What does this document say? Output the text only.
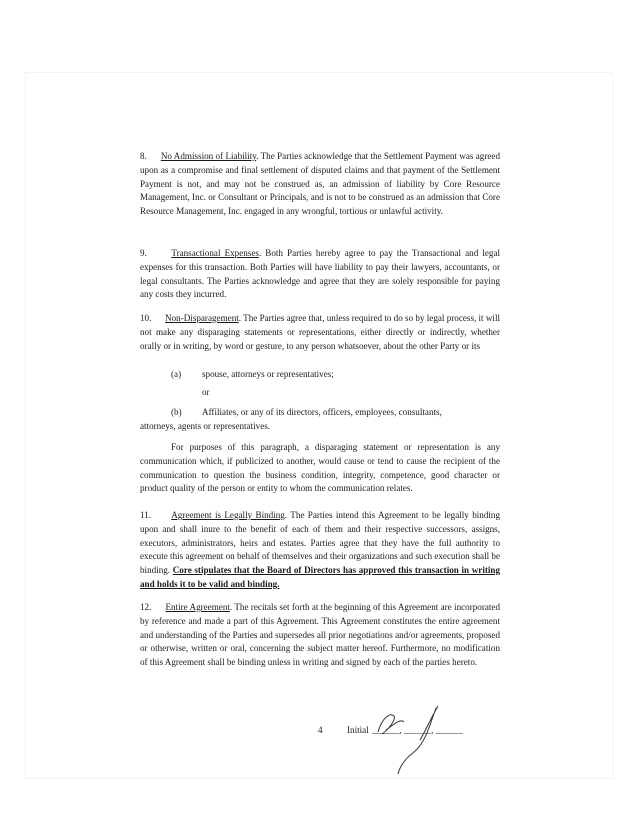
8. No Admission of Liability. The Parties acknowledge that the Settlement Payment was agreed upon as a compromise and final settlement of disputed claims and that payment of the Settlement Payment is not, and may not be construed as, an admission of liability by Core Resource Management, Inc. or Consultant or Principals, and is not to be construed as an admission that Core Resource Management, Inc. engaged in any wrongful, tortious or unlawful activity.
9.	Transactional Expenses. Both Parties hereby agree to pay the Transactional and legal expenses for this transaction. Both Parties will have liability to pay their lawyers, accountants, or legal consultants. The Parties acknowledge and agree that they are solely responsible for paying any costs they incurred.
10. Non-Disparagement. The Parties agree that, unless required to do so by legal process, it will not make any disparaging statements or representations, either directly or indirectly, whether orally or in writing, by word or gesture, to any person whatsoever, about the other Party or its
(a) spouse, attorneys or representatives;
or
(b) Affiliates, or any of its directors, officers, employees, consultants,
attorneys, agents or representatives.
For purposes of this paragraph, a disparaging statement or representation is any communication which, if publicized to another, would cause or tend to cause the recipient of the communication to question the business condition, integrity, competence, good character or product quality of the person or entity to whom the communication relates.
11. Agreement is Legally Binding. The Parties intend this Agreement to be legally binding upon and shall inure to the benefit of each of them and their respective successors, assigns, executors, administrators, heirs and estates. Parties agree that they have the full authority to execute this agreement on behalf of themselves and their organizations and such execution shall be binding. Core stipulates that the Board of Directors has approved this transaction in writing and holds it to be valid and binding.
12. Entire Agreement. The recitals set forth at the beginning of this Agreement are incorporated by reference and made a part of this Agreement. This Agreement constitutes the entire agreement and understanding of the Parties and supersedes all prior negotiations and/or agreements, proposed or otherwise, written or oral, concerning the subject matter hereof. Furthermore, no modification of this Agreement shall be binding unless in writing and signed by each of the parties hereto.
4	Initial ______, ______, ______
